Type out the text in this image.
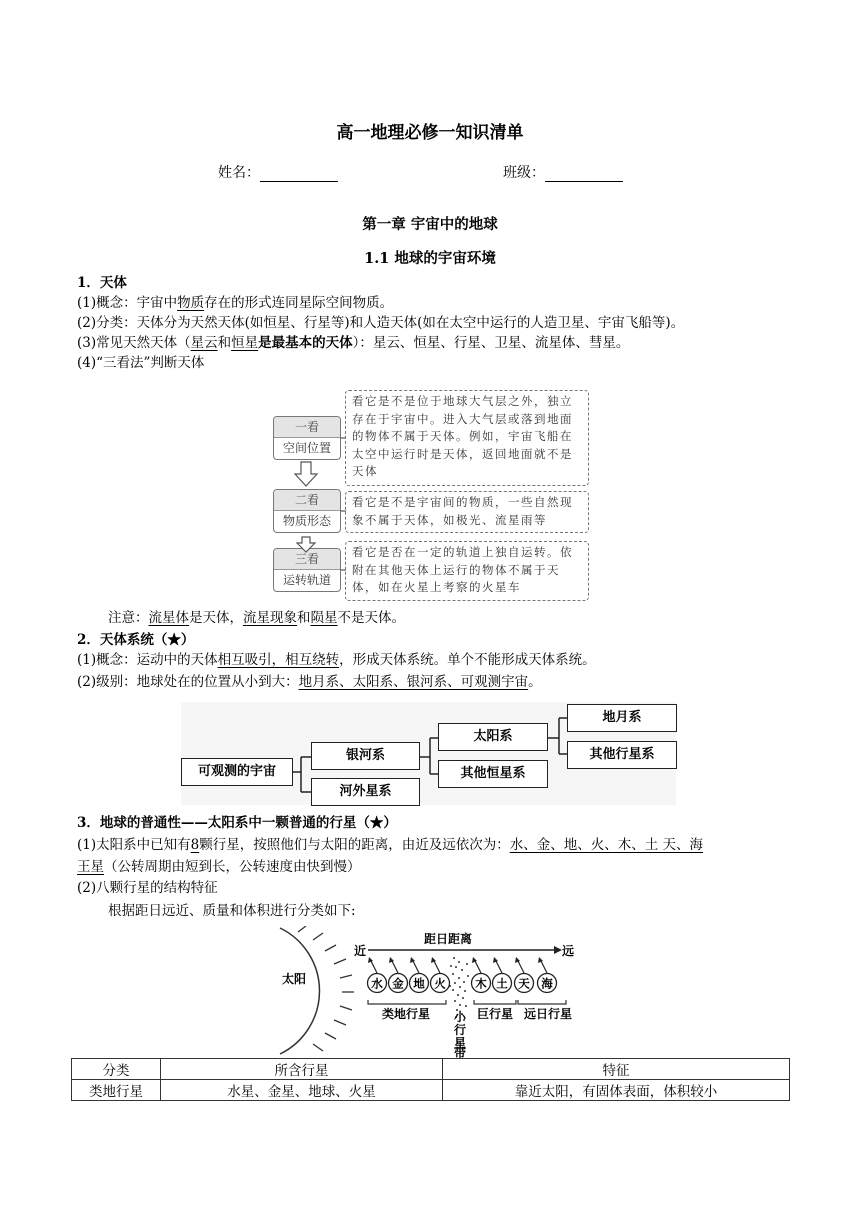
高一地理必修一知识清单
姓名：	班级：
第一章 宇宙中的地球
1.1 地球的宇宙环境
1．天体
(1)概念：宇宙中物质存在的形式连同星际空间物质。
(2)分类：天体分为天然天体(如恒星、行星等)和人造天体(如在太空中运行的人造卫星、宇宙飞船等)。
(3)常见天然天体（星云和恒星是最基本的天体）：星云、恒星、行星、卫星、流星体、彗星。
(4)“三看法”判断天体
一看
空间位置
看它是不是位于地球大气层之外，独立存在于宇宙中。进入大气层或落到地面的物体不属于天体。例如，宇宙飞船在太空中运行时是天体，返回地面就不是天体
二看
物质形态
看它是不是宇宙间的物质，一些自然现象不属于天体，如极光、流星雨等
三看
运转轨道
看它是否在一定的轨道上独自运转。依附在其他天体上运行的物体不属于天体，如在火星上考察的火星车
注意：流星体是天体，流星现象和陨星不是天体。
2．天体系统（★）
(1)概念：运动中的天体相互吸引，相互绕转，形成天体系统。单个不能形成天体系统。
(2)级别：地球处在的位置从小到大：地月系、太阳系、银河系、可观测宇宙。
可观测的宇宙
银河系
河外星系
太阳系
其他恒星系
地月系
其他行星系
3．地球的普通性——太阳系中一颗普通的行星（★）
(1)太阳系中已知有8颗行星，按照他们与太阳的距离，由近及远依次为：水、金、地、火、木、土 天、海
王星（公转周期由短到长，公转速度由快到慢）
(2)八颗行星的结构特征
根据距日远近、质量和体积进行分类如下:
太阳
近
距日距离
远
水 金 地 火	木 土 天 海
类地行星	巨行星 远日行星
小
行
星
带
分类	所含行星	特征
类地行星	水星、金星、地球、火星	靠近太阳，有固体表面，体积较小
